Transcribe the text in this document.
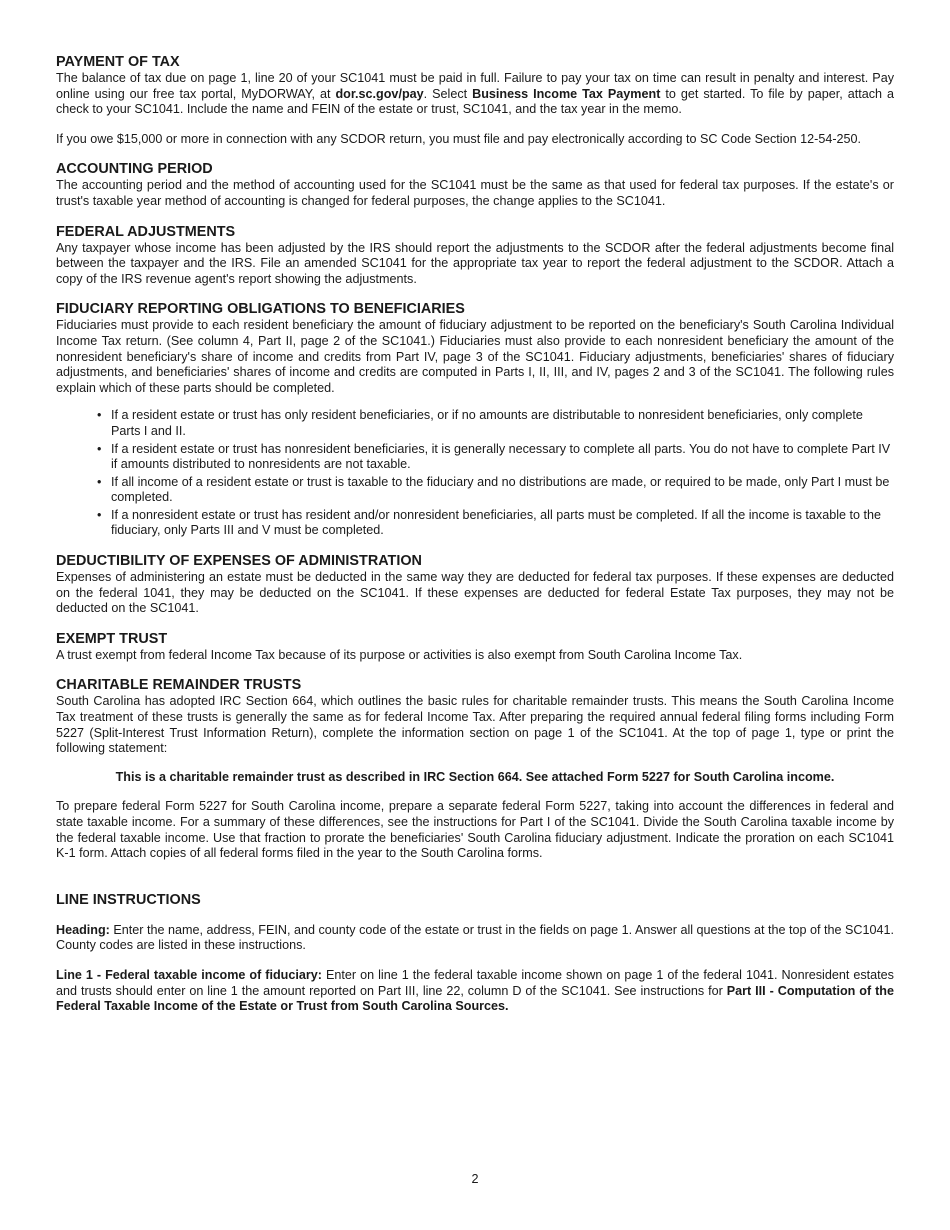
PAYMENT OF TAX

The balance of tax due on page 1, line 20 of your SC1041 must be paid in full. Failure to pay your tax on time can result in penalty and interest. Pay online using our free tax portal, MyDORWAY, at dor.sc.gov/pay. Select Business Income Tax Payment to get started. To file by paper, attach a check to your SC1041. Include the name and FEIN of the estate or trust, SC1041, and the tax year in the memo.

If you owe $15,000 or more in connection with any SCDOR return, you must file and pay electronically according to SC Code Section 12-54-250.

ACCOUNTING PERIOD

The accounting period and the method of accounting used for the SC1041 must be the same as that used for federal tax purposes. If the estate's or trust's taxable year method of accounting is changed for federal purposes, the change applies to the SC1041.

FEDERAL ADJUSTMENTS

Any taxpayer whose income has been adjusted by the IRS should report the adjustments to the SCDOR after the federal adjustments become final between the taxpayer and the IRS. File an amended SC1041 for the appropriate tax year to report the federal adjustment to the SCDOR. Attach a copy of the IRS revenue agent's report showing the adjustments.

FIDUCIARY REPORTING OBLIGATIONS TO BENEFICIARIES

Fiduciaries must provide to each resident beneficiary the amount of fiduciary adjustment to be reported on the beneficiary's South Carolina Individual Income Tax return. (See column 4, Part II, page 2 of the SC1041.) Fiduciaries must also provide to each nonresident beneficiary the amount of the nonresident beneficiary's share of income and credits from Part IV, page 3 of the SC1041. Fiduciary adjustments, beneficiaries' shares of fiduciary adjustments, and beneficiaries' shares of income and credits are computed in Parts I, II, III, and IV, pages 2 and 3 of the SC1041. The following rules explain which of these parts should be completed.

• If a resident estate or trust has only resident beneficiaries, or if no amounts are distributable to nonresident beneficiaries, only complete Parts I and II.
• If a resident estate or trust has nonresident beneficiaries, it is generally necessary to complete all parts. You do not have to complete Part IV if amounts distributed to nonresidents are not taxable.
• If all income of a resident estate or trust is taxable to the fiduciary and no distributions are made, or required to be made, only Part I must be completed.
• If a nonresident estate or trust has resident and/or nonresident beneficiaries, all parts must be completed. If all the income is taxable to the fiduciary, only Parts III and V must be completed.
DEDUCTIBILITY OF EXPENSES OF ADMINISTRATION

Expenses of administering an estate must be deducted in the same way they are deducted for federal tax purposes. If these expenses are deducted on the federal 1041, they may be deducted on the SC1041. If these expenses are deducted for federal Estate Tax purposes, they may not be deducted on the SC1041.

EXEMPT TRUST

A trust exempt from federal Income Tax because of its purpose or activities is also exempt from South Carolina Income Tax.

CHARITABLE REMAINDER TRUSTS

South Carolina has adopted IRC Section 664, which outlines the basic rules for charitable remainder trusts. This means the South Carolina Income Tax treatment of these trusts is generally the same as for federal Income Tax. After preparing the required annual federal filing forms including Form 5227 (Split-Interest Trust Information Return), complete the information section on page 1 of the SC1041. At the top of page 1, type or print the following statement:

This is a charitable remainder trust as described in IRC Section 664. See attached Form 5227 for South Carolina income.

To prepare federal Form 5227 for South Carolina income, prepare a separate federal Form 5227, taking into account the differences in federal and state taxable income. For a summary of these differences, see the instructions for Part I of the SC1041. Divide the South Carolina taxable income by the federal taxable income. Use that fraction to prorate the beneficiaries' South Carolina fiduciary adjustment. Indicate the proration on each SC1041 K-1 form. Attach copies of all federal forms filed in the year to the South Carolina forms.

LINE INSTRUCTIONS

Heading: Enter the name, address, FEIN, and county code of the estate or trust in the fields on page 1. Answer all questions at the top of the SC1041. County codes are listed in these instructions.

Line 1 - Federal taxable income of fiduciary: Enter on line 1 the federal taxable income shown on page 1 of the federal 1041. Nonresident estates and trusts should enter on line 1 the amount reported on Part III, line 22, column D of the SC1041. See instructions for Part III - Computation of the Federal Taxable Income of the Estate or Trust from South Carolina Sources.

2
